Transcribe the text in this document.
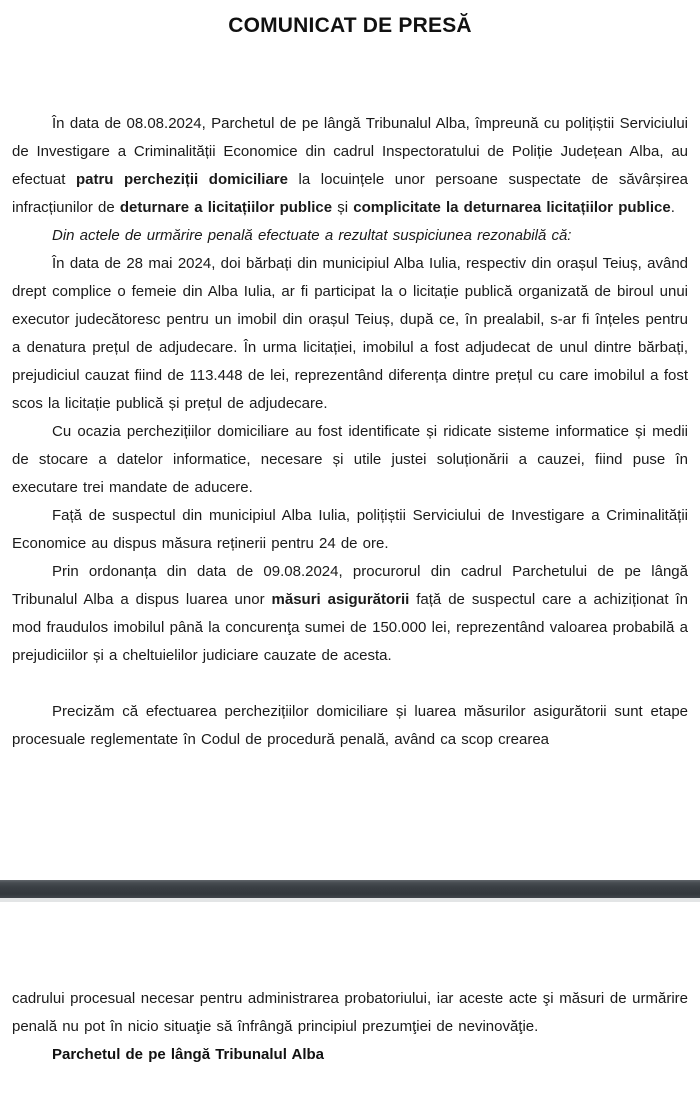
COMUNICAT DE PRESĂ

În data de 08.08.2024, Parchetul de pe lângă Tribunalul Alba, împreună cu polițiștii Serviciului de Investigare a Criminalității Economice din cadrul Inspectoratului de Poliție Județean Alba, au efectuat patru percheziții domiciliare la locuințele unor persoane suspectate de săvârșirea infracțiunilor de deturnare a licitațiilor publice și complicitate la deturnarea licitațiilor publice.

Din actele de urmărire penală efectuate a rezultat suspiciunea rezonabilă că:

În data de 28 mai 2024, doi bărbați din municipiul Alba Iulia, respectiv din orașul Teiuș, având drept complice o femeie din Alba Iulia, ar fi participat la o licitație publică organizată de biroul unui executor judecătoresc pentru un imobil din orașul Teiuș, după ce, în prealabil, s-ar fi înțeles pentru a denatura prețul de adjudecare. În urma licitației, imobilul a fost adjudecat de unul dintre bărbați, prejudiciul cauzat fiind de 113.448 de lei, reprezentând diferența dintre prețul cu care imobilul a fost scos la licitație publică și prețul de adjudecare.

Cu ocazia perchezițiilor domiciliare au fost identificate și ridicate sisteme informatice și medii de stocare a datelor informatice, necesare și utile justei soluționării a cauzei, fiind puse în executare trei mandate de aducere.

Față de suspectul din municipiul Alba Iulia, polițiștii Serviciului de Investigare a Criminalității Economice au dispus măsura reținerii pentru 24 de ore.

Prin ordonanța din data de 09.08.2024, procurorul din cadrul Parchetului de pe lângă Tribunalul Alba a dispus luarea unor măsuri asigurătorii față de suspectul care a achiziționat în mod fraudulos imobilul până la concurenţa sumei de 150.000 lei, reprezentând valoarea probabilă a prejudiciilor și a cheltuielilor judiciare cauzate de acesta.

Precizăm că efectuarea perchezițiilor domiciliare și luarea măsurilor asigurătorii sunt etape procesuale reglementate în Codul de procedură penală, având ca scop crearea

cadrului procesual necesar pentru administrarea probatoriului, iar aceste acte şi măsuri de urmărire penală nu pot în nicio situaţie să înfrângă principiul prezumţiei de nevinovăţie.

Parchetul de pe lângă Tribunalul Alba
